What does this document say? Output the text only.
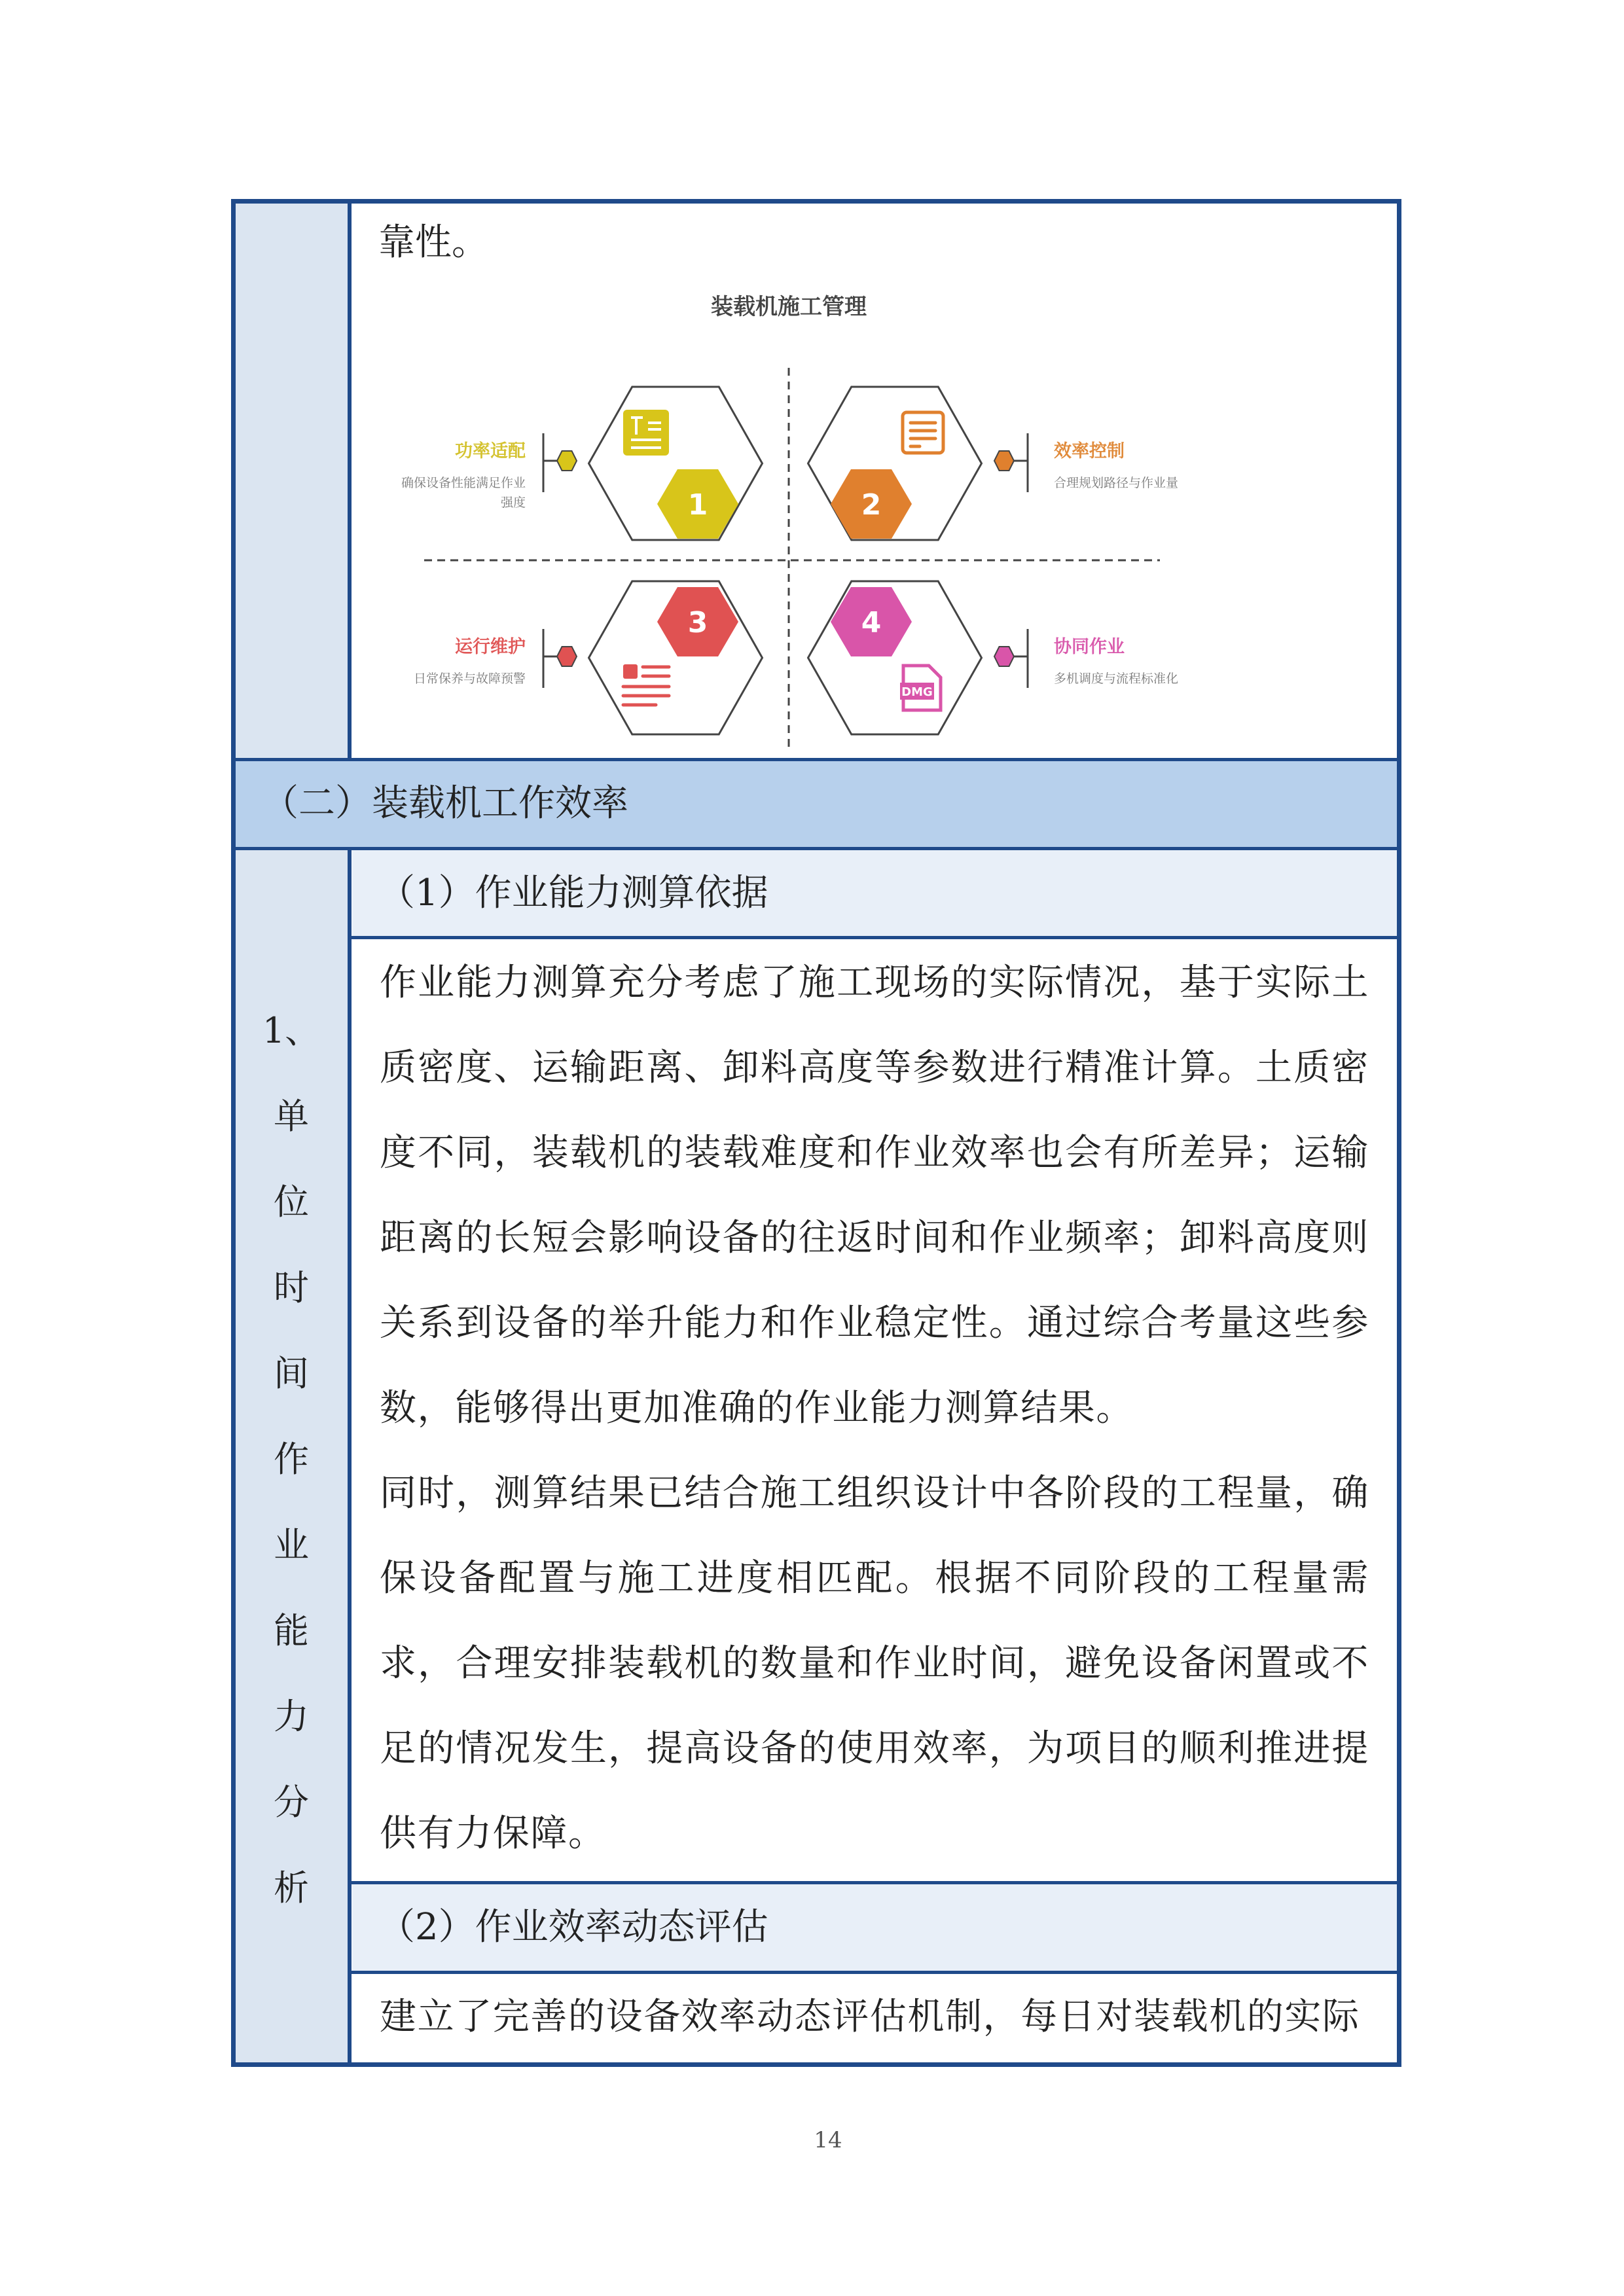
靠性。
装载机施工管理
1
功率适配
确保设备性能满足作业
强度	2
效率控制
合理规划路径与作业量
3
运行维护
日常保养与故障预警
4
DMG
协同作业
多机调度与流程标准化
（二）装载机工作效率
（1）作业能力测算依据

作业能力测算充分考虑了施工现场的实际情况，基于实际土质密度、运输距离、卸料高度等参数进行精准计算。土质密度不同，装载机的装载难度和作业效率也会有所差异；运输距离的长短会影响设备的往返时间和作业频率；卸料高度则关系到设备的举升能力和作业稳定性。通过综合考量这些参数，能够得出更加准确的作业能力测算结果。

同时，测算结果已结合施工组织设计中各阶段的工程量，确保设备配置与施工进度相匹配。根据不同阶段的工程量需求，合理安排装载机的数量和作业时间，避免设备闲置或不足的情况发生，提高设备的使用效率，为项目的顺利推进提供有力保障。

（2）作业效率动态评估

建立了完善的设备效率动态评估机制，每日对装载机的实际

1、
单
位
时
间
作
业
能
力
分
析
14
